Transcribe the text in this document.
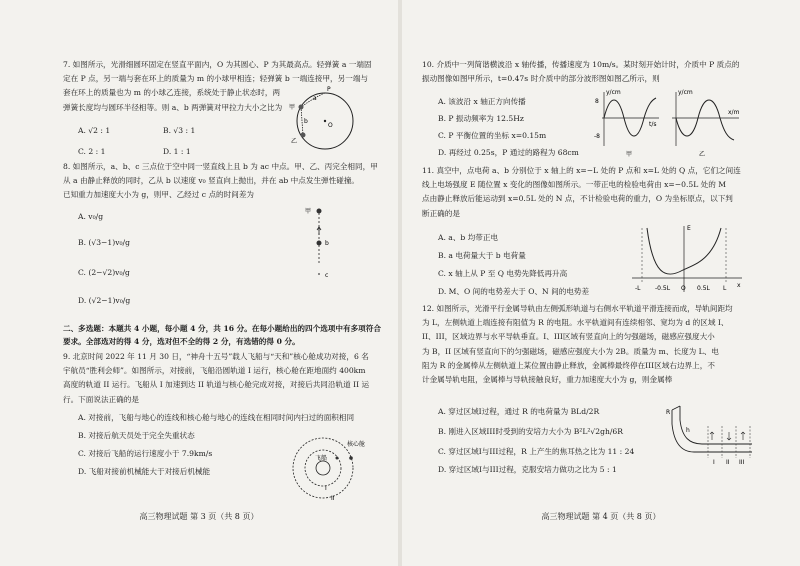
7. 如图所示，光滑细圆环固定在竖直平面内，O 为其圆心、P 为其最高点。轻弹簧 a 一端固

定在 P 点，另一端与套在环上的质量为 m 的小球甲相连；轻弹簧 b 一端连接甲，另一端与

套在环上的质量也为 m 的小球乙连接，系统处于静止状态时，两

弹簧长度均与圆环半径相等。则 a、b 两弹簧对甲拉力大小之比为

A. √2 : 1	B. √3 : 1
C. 2 : 1	D. 1 : 1
P
O
a
b
甲
乙

8. 如图所示，a、b、c 三点位于空中同一竖直线上且 b 为 ac 中点。甲、乙、丙完全相同，甲

从 a 由静止释放的同时，乙从 b 以速度 v₀ 竖直向上抛出，并在 ab 中点发生弹性碰撞。

已知重力加速度大小为 g，则甲、乙经过 c 点的时间差为

A. v₀/g
B. (√3−1)v₀/g
C. (2−√2)v₀/g
D. (√2−1)v₀/g
甲
b
c
二、多选题：本题共 4 小题，每小题 4 分，共 16 分。在每小题给出的四个选项中有多项符合要求。全部选对的得 4 分，选对但不全的得 2 分，有选错的得 0 分。

9. 北京时间 2022 年 11 月 30 日，“神舟十五号”载人飞船与“天和”核心舱成功对接，6 名

宇航员“胜利会师”。如图所示，对接前，飞船沿圆轨道 I 运行，核心舱在距地面约 400km

高度的轨道 II 运行。飞船从 I 加速到达 II 轨道与核心舱完成对接，对接后共同沿轨道 II 运

行。下面说法正确的是

A. 对接前，飞船与地心的连线和核心舱与地心的连线在相同时间内扫过的面积相同
B. 对接后航天员处于完全失重状态
C. 对接后飞船的运行速度小于 7.9km/s
D. 飞船对接前机械能大于对接后机械能
核心舱
飞船
I
II
高三物理试题 第 3 页（共 8 页）

10. 介质中一列简谐横波沿 x 轴传播，传播速度为 10m/s。某时刻开始计时，介质中 P 质点的

振动图像如图甲所示，t=0.47s 时介质中的部分波形图如图乙所示，则

A. 该波沿 x 轴正方向传播
B. P 振动频率为 12.5Hz
C. P 平衡位置的坐标 x=0.15m
D. 再经过 0.25s，P 通过的路程为 68cm
y/cm
t/s
8
-8
甲
y/cm
x/m
乙

11. 真空中，点电荷 a、b 分别位于 x 轴上的 x=−L 处的 P 点和 x=L 处的 Q 点，它们之间连

线上电场强度 E 随位置 x 变化的图像如图所示。一带正电的检验电荷由 x=−0.5L 处的 M

点由静止释放后能运动到 x=0.5L 处的 N 点，不计检验电荷的重力，O 为坐标原点，以下判

断正确的是

A. a、b 均带正电
B. a 电荷量大于 b 电荷量
C. x 轴上从 P 至 Q 电势先降低再升高
D. M、O 间的电势差大于 O、N 间的电势差
E
x
-L -0.5L O 0.5L L

12. 如图所示，光滑平行金属导轨由左侧弧形轨道与右侧水平轨道平滑连接而成，导轨间距均

为 L，左侧轨道上端连接有阻值为 R 的电阻。水平轨道间有连续相邻、宽均为 d 的区域 I、

II、III，区域边界与水平导轨垂直。I、III区域有竖直向上的匀强磁场，磁感应强度大小

为 B，II 区域有竖直向下的匀强磁场，磁感应强度大小为 2B。质量为 m、长度为 L、电

阻为 R 的金属棒从左侧轨道上某位置由静止释放，金属棒最终停在III区域右边界上，不

计金属导轨电阻，金属棒与导轨接触良好，重力加速度大小为 g，则金属棒

A. 穿过区域I过程，通过 R 的电荷量为 BLd/2R
B. 刚进入区域III时受到的安培力大小为 B²L²√2gh/6R
C. 穿过区域I与III过程，R 上产生的焦耳热之比为 11 : 24
D. 穿过区域I与III过程，克服安培力做功之比为 5 : 1
R
h
I II III
高三物理试题 第 4 页（共 8 页）
